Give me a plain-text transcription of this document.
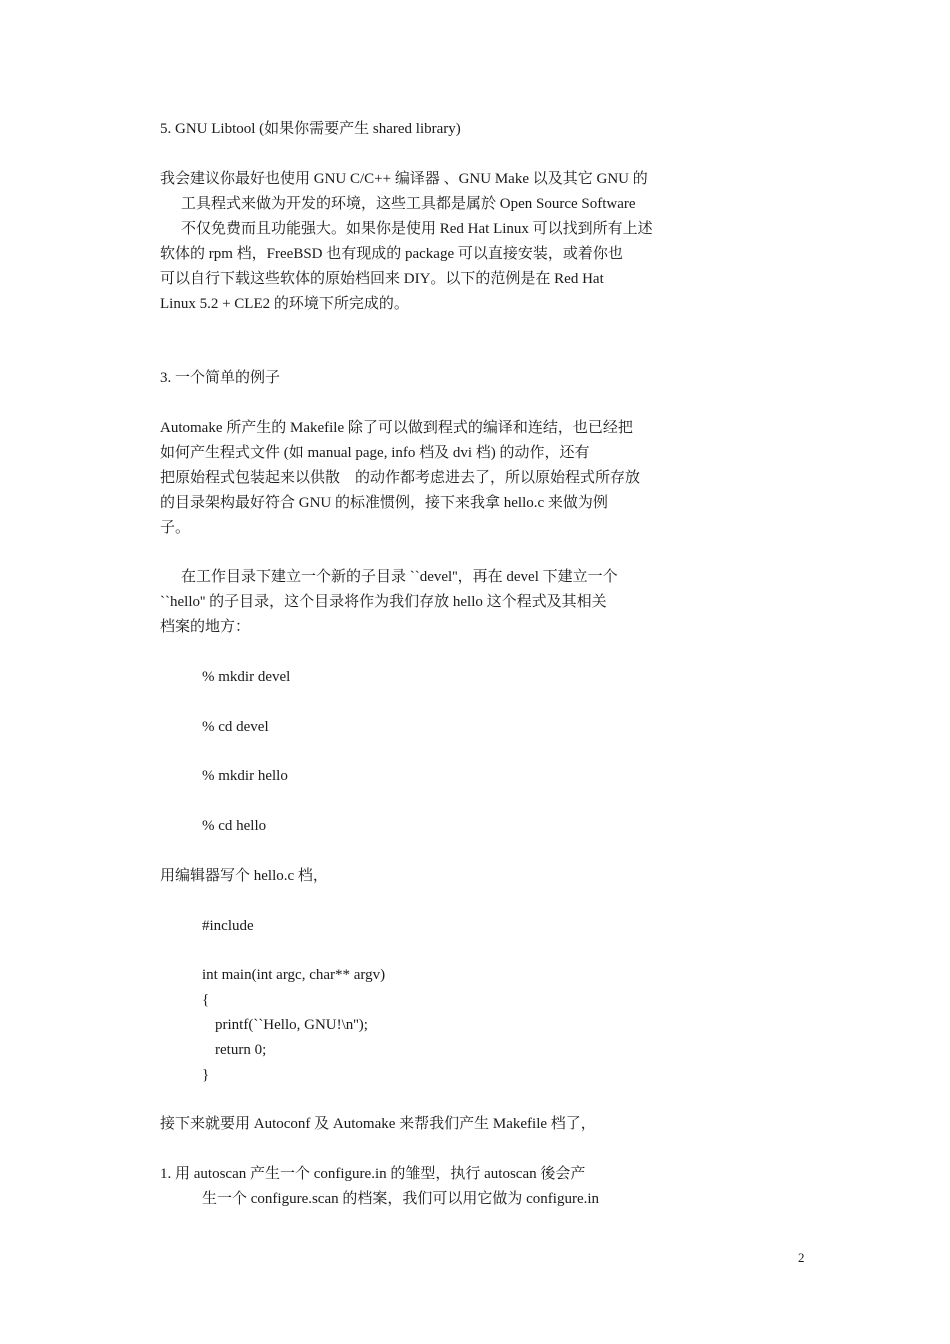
5. GNU Libtool (如果你需要产生 shared library)
我会建议你最好也使用 GNU C/C++ 编译器 、GNU Make 以及其它 GNU 的
工具程式来做为开发的环境，这些工具都是属於 Open Source Software
不仅免费而且功能强大。如果你是使用 Red Hat Linux 可以找到所有上述
软体的 rpm 档，FreeBSD 也有现成的 package 可以直接安装，或着你也
可以自行下载这些软体的原始档回来 DIY。以下的范例是在 Red Hat
Linux 5.2 + CLE2 的环境下所完成的。
3. 一个简单的例子
Automake 所产生的 Makefile 除了可以做到程式的编译和连结，也已经把
如何产生程式文件 (如 manual page, info 档及 dvi 档) 的动作，还有
把原始程式包装起来以供散    的动作都考虑进去了，所以原始程式所存放
的目录架构最好符合 GNU 的标准惯例，接下来我拿 hello.c 来做为例
子。
在工作目录下建立一个新的子目录 ``devel''，再在 devel 下建立一个
``hello'' 的子目录，这个目录将作为我们存放 hello 这个程式及其相关
档案的地方：
% mkdir devel
% cd devel
% mkdir hello
% cd hello
用编辑器写个 hello.c 档，
#include
int main(int argc, char** argv)
{
printf(``Hello, GNU!\n'');
return 0;
}
接下来就要用 Autoconf 及 Automake 来帮我们产生 Makefile 档了，
1. 用 autoscan 产生一个 configure.in 的雏型，执行 autoscan 後会产
生一个 configure.scan 的档案，我们可以用它做为 configure.in
2
